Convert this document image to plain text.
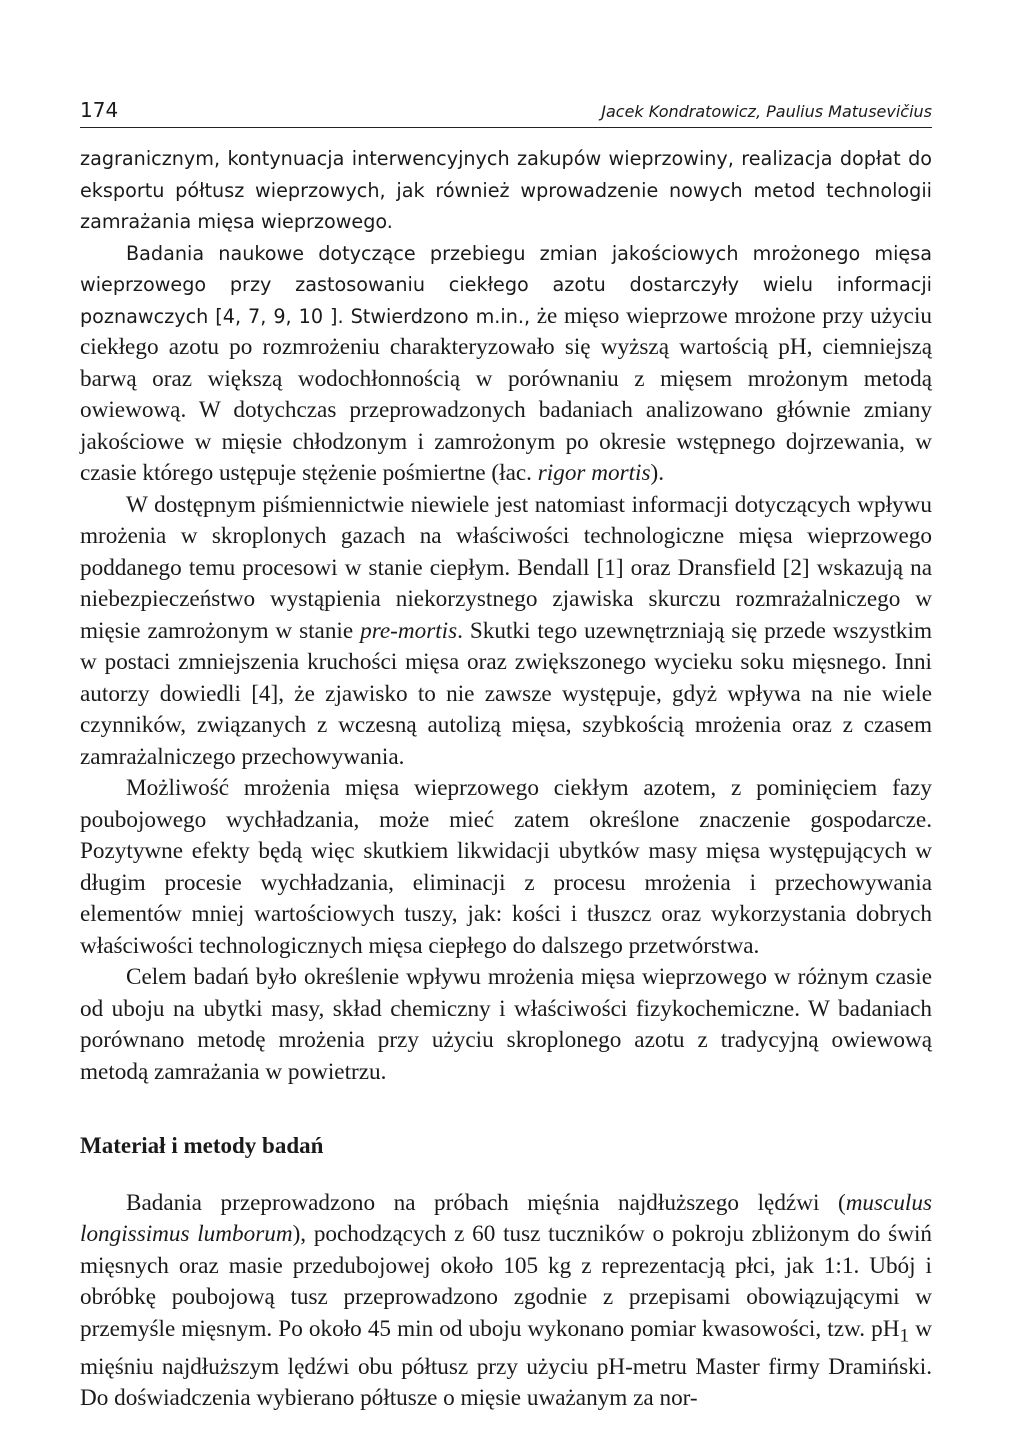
174	Jacek Kondratowicz, Paulius Matusevičius

zagranicznym, kontynuacja interwencyjnych zakupów wieprzowiny, realizacja dopłat do eksportu półtusz wieprzowych, jak również wprowadzenie nowych metod technologii zamrażania mięsa wieprzowego.

Badania naukowe dotyczące przebiegu zmian jakościowych mrożonego mięsa wieprzowego przy zastosowaniu ciekłego azotu dostarczyły wielu informacji poznawczych [4, 7, 9, 10 ]. Stwierdzono m.in., że mięso wieprzowe mrożone przy użyciu ciekłego azotu po rozmrożeniu charakteryzowało się wyższą wartością pH, ciemniejszą barwą oraz większą wodochłonnością w porównaniu z mięsem mrożonym metodą owiewową. W dotychczas przeprowadzonych badaniach analizowano głównie zmiany jakościowe w mięsie chłodzonym i zamrożonym po okresie wstępnego dojrzewania, w czasie którego ustępuje stężenie pośmiertne (łac. rigor mortis).

W dostępnym piśmiennictwie niewiele jest natomiast informacji dotyczących wpływu mrożenia w skroplonych gazach na właściwości technologiczne mięsa wieprzowego poddanego temu procesowi w stanie ciepłym. Bendall [1] oraz Dransfield [2] wskazują na niebezpieczeństwo wystąpienia niekorzystnego zjawiska skurczu rozmrażalniczego w mięsie zamrożonym w stanie pre-mortis. Skutki tego uzewnętrzniają się przede wszystkim w postaci zmniejszenia kruchości mięsa oraz zwiększonego wycieku soku mięsnego. Inni autorzy dowiedli [4], że zjawisko to nie zawsze występuje, gdyż wpływa na nie wiele czynników, związanych z wczesną autolizą mięsa, szybkością mrożenia oraz z czasem zamrażalniczego przechowywania.

Możliwość mrożenia mięsa wieprzowego ciekłym azotem, z pominięciem fazy poubojowego wychładzania, może mieć zatem określone znaczenie gospodarcze. Pozytywne efekty będą więc skutkiem likwidacji ubytków masy mięsa występujących w długim procesie wychładzania, eliminacji z procesu mrożenia i przechowywania elementów mniej wartościowych tuszy, jak: kości i tłuszcz oraz wykorzystania dobrych właściwości technologicznych mięsa ciepłego do dalszego przetwórstwa.

Celem badań było określenie wpływu mrożenia mięsa wieprzowego w różnym czasie od uboju na ubytki masy, skład chemiczny i właściwości fizykochemiczne. W badaniach porównano metodę mrożenia przy użyciu skroplonego azotu z tradycyjną owiewową metodą zamrażania w powietrzu.

Materiał i metody badań

Badania przeprowadzono na próbach mięśnia najdłuższego lędźwi (musculus longissimus lumborum), pochodzących z 60 tusz tuczników o pokroju zbliżonym do świń mięsnych oraz masie przedubojowej około 105 kg z reprezentacją płci, jak 1:1. Ubój i obróbkę poubojową tusz przeprowadzono zgodnie z przepisami obowiązującymi w przemyśle mięsnym. Po około 45 min od uboju wykonano pomiar kwasowości, tzw. $pH_1$ w mięśniu najdłuższym lędźwi obu półtusz przy użyciu pH-metru Master firmy Dramiński. Do doświadczenia wybierano półtusze o mięsie uważanym za nor-
